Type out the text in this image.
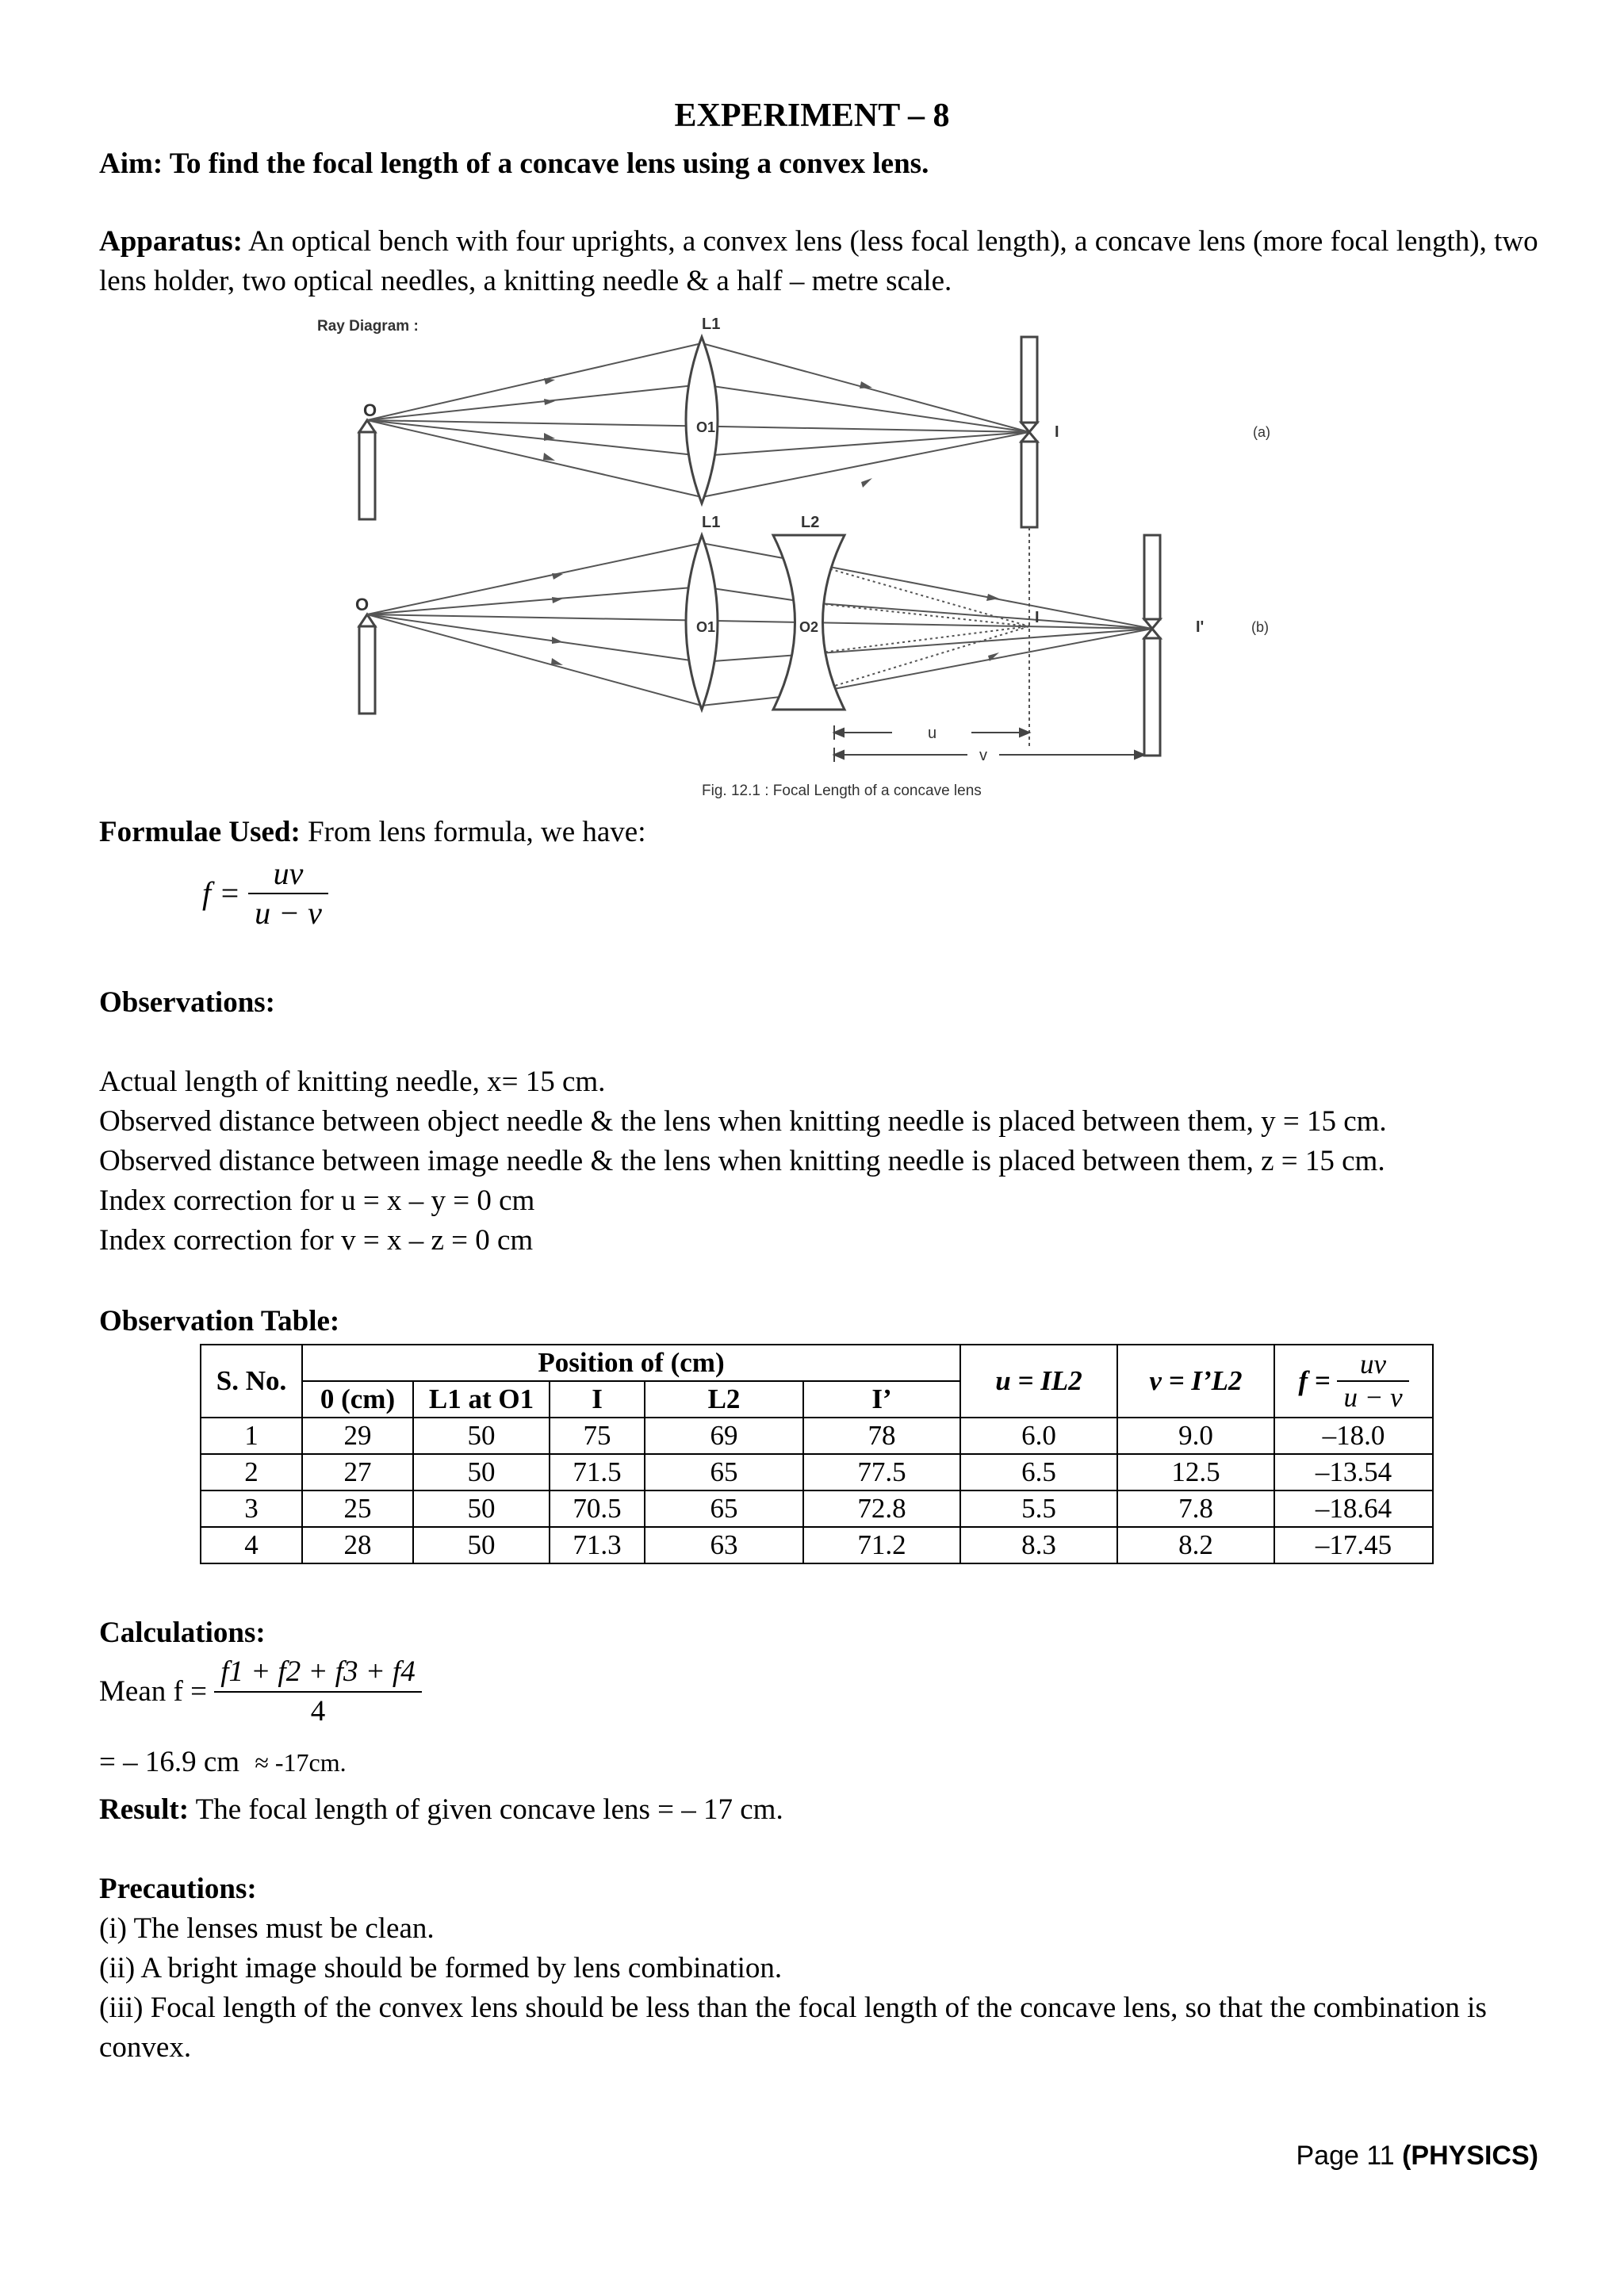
EXPERIMENT – 8
Aim: To find the focal length of a concave lens using a convex lens.
Apparatus: An optical bench with four uprights, a convex lens (less focal length), a concave lens (more focal length), two lens holder, two optical needles, a knitting needle & a half – metre scale.
Ray Diagram :
O
L1
O1	I	(a)
O
L1
O1
L2
O2
I
I'	(b)
u
v
Fig. 12.1 : Focal Length of a concave lens
Formulae Used: From lens formula, we have:
$f = \frac{uv}{u - v}$
Observations:
Actual length of knitting needle, x= 15 cm.
Observed distance between object needle & the lens when knitting needle is placed between them, y = 15 cm.
Observed distance between image needle & the lens when knitting needle is placed between them, z = 15 cm.
Index correction for u = x – y = 0 cm
Index correction for v = x – z = 0 cm
Observation Table:
S. No.	Position of (cm)					u = IL2	v = I’L2	$f = \frac{uv}{u - v}$

	0 (cm)	L1 at O1	I	L2	I’			
1	29	50	75	69	78	6.0	9.0	–18.0
2	27	50	71.5	65	77.5	6.5	12.5	–13.54
3	25	50	70.5	65	72.8	5.5	7.8	–18.64
4	28	50	71.3	63	71.2	8.3	8.2	–17.45
Calculations:
Mean $f = \frac{f1 + f2 + f3 + f4}{4}$
= – 16.9 cm ≈ -17cm.
Result: The focal length of given concave lens = – 17 cm.
Precautions:
(i) The lenses must be clean.
(ii) A bright image should be formed by lens combination.
(iii) Focal length of the convex lens should be less than the focal length of the concave lens, so that the combination is
convex.
Page 11 (PHYSICS)
